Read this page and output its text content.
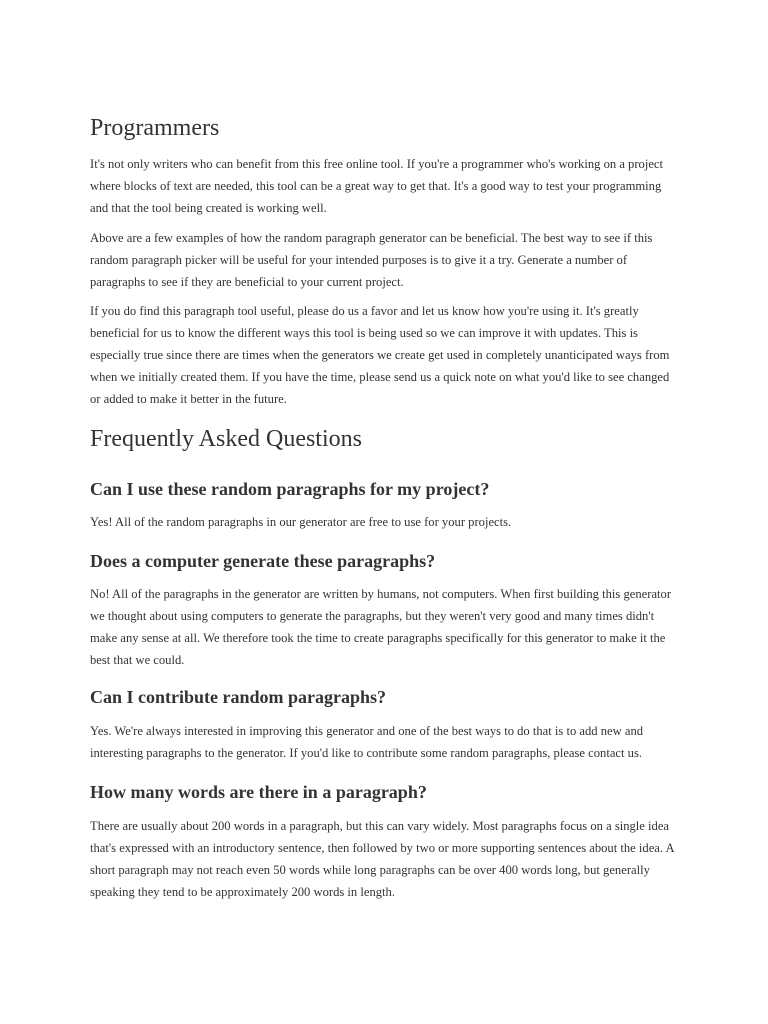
Programmers

It's not only writers who can benefit from this free online tool. If you're a programmer who's working on a project where blocks of text are needed, this tool can be a great way to get that. It's a good way to test your programming and that the tool being created is working well.

Above are a few examples of how the random paragraph generator can be beneficial. The best way to see if this random paragraph picker will be useful for your intended purposes is to give it a try. Generate a number of paragraphs to see if they are beneficial to your current project.

If you do find this paragraph tool useful, please do us a favor and let us know how you're using it. It's greatly beneficial for us to know the different ways this tool is being used so we can improve it with updates. This is especially true since there are times when the generators we create get used in completely unanticipated ways from when we initially created them. If you have the time, please send us a quick note on what you'd like to see changed or added to make it better in the future.

Frequently Asked Questions
Can I use these random paragraphs for my project?

Yes! All of the random paragraphs in our generator are free to use for your projects.

Does a computer generate these paragraphs?

No! All of the paragraphs in the generator are written by humans, not computers. When first building this generator we thought about using computers to generate the paragraphs, but they weren't very good and many times didn't make any sense at all. We therefore took the time to create paragraphs specifically for this generator to make it the best that we could.

Can I contribute random paragraphs?

Yes. We're always interested in improving this generator and one of the best ways to do that is to add new and interesting paragraphs to the generator. If you'd like to contribute some random paragraphs, please contact us.

How many words are there in a paragraph?

There are usually about 200 words in a paragraph, but this can vary widely. Most paragraphs focus on a single idea that's expressed with an introductory sentence, then followed by two or more supporting sentences about the idea. A short paragraph may not reach even 50 words while long paragraphs can be over 400 words long, but generally speaking they tend to be approximately 200 words in length.
